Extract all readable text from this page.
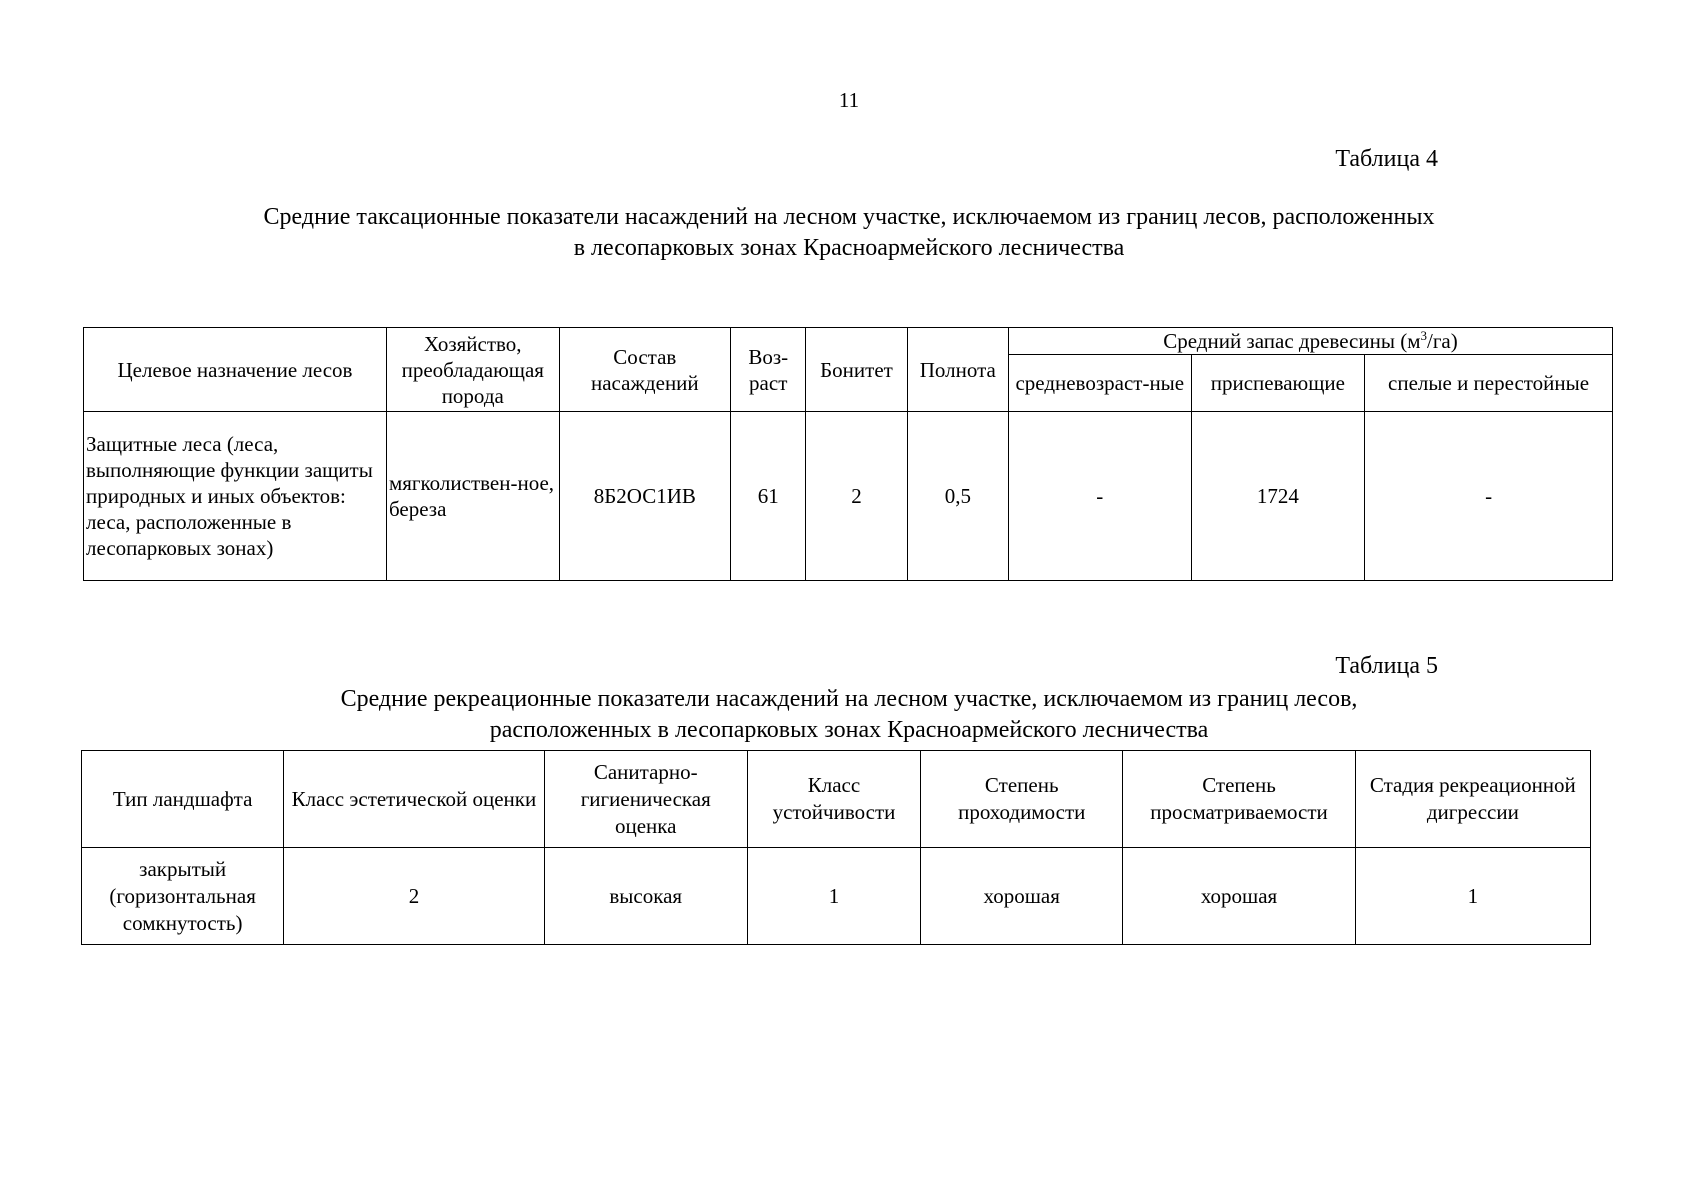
11
Таблица 4
Средние таксационные показатели насаждений на лесном участке, исключаемом из границ лесов, расположенных
в лесопарковых зонах Красноармейского лесничества
Целевое назначение лесов	Хозяйство, преобладающая порода	Состав насаждений	Воз-раст	Бонитет	Полнота	Средний запас древесины $(м^3/га)$		
						средневозраст-ные	приспевающие	спелые и перестойные
Защитные леса (леса, выполняющие функции защиты природных и иных объектов: леса, расположенные в лесопарковых зонах)	мягколиствен-ное, береза	8Б2ОС1ИВ	61	2	0,5	-	1724	-
Таблица 5
Средние рекреационные показатели насаждений на лесном участке, исключаемом из границ лесов,
расположенных в лесопарковых зонах Красноармейского лесничества
Тип ландшафта	Класс эстетической оценки	Санитарно-гигиеническая оценка	Класс устойчивости	Степень проходимости	Степень просматриваемости	Стадия рекреационной дигрессии
закрытый (горизонтальная сомкнутость)	2	высокая	1	хорошая	хорошая	1
